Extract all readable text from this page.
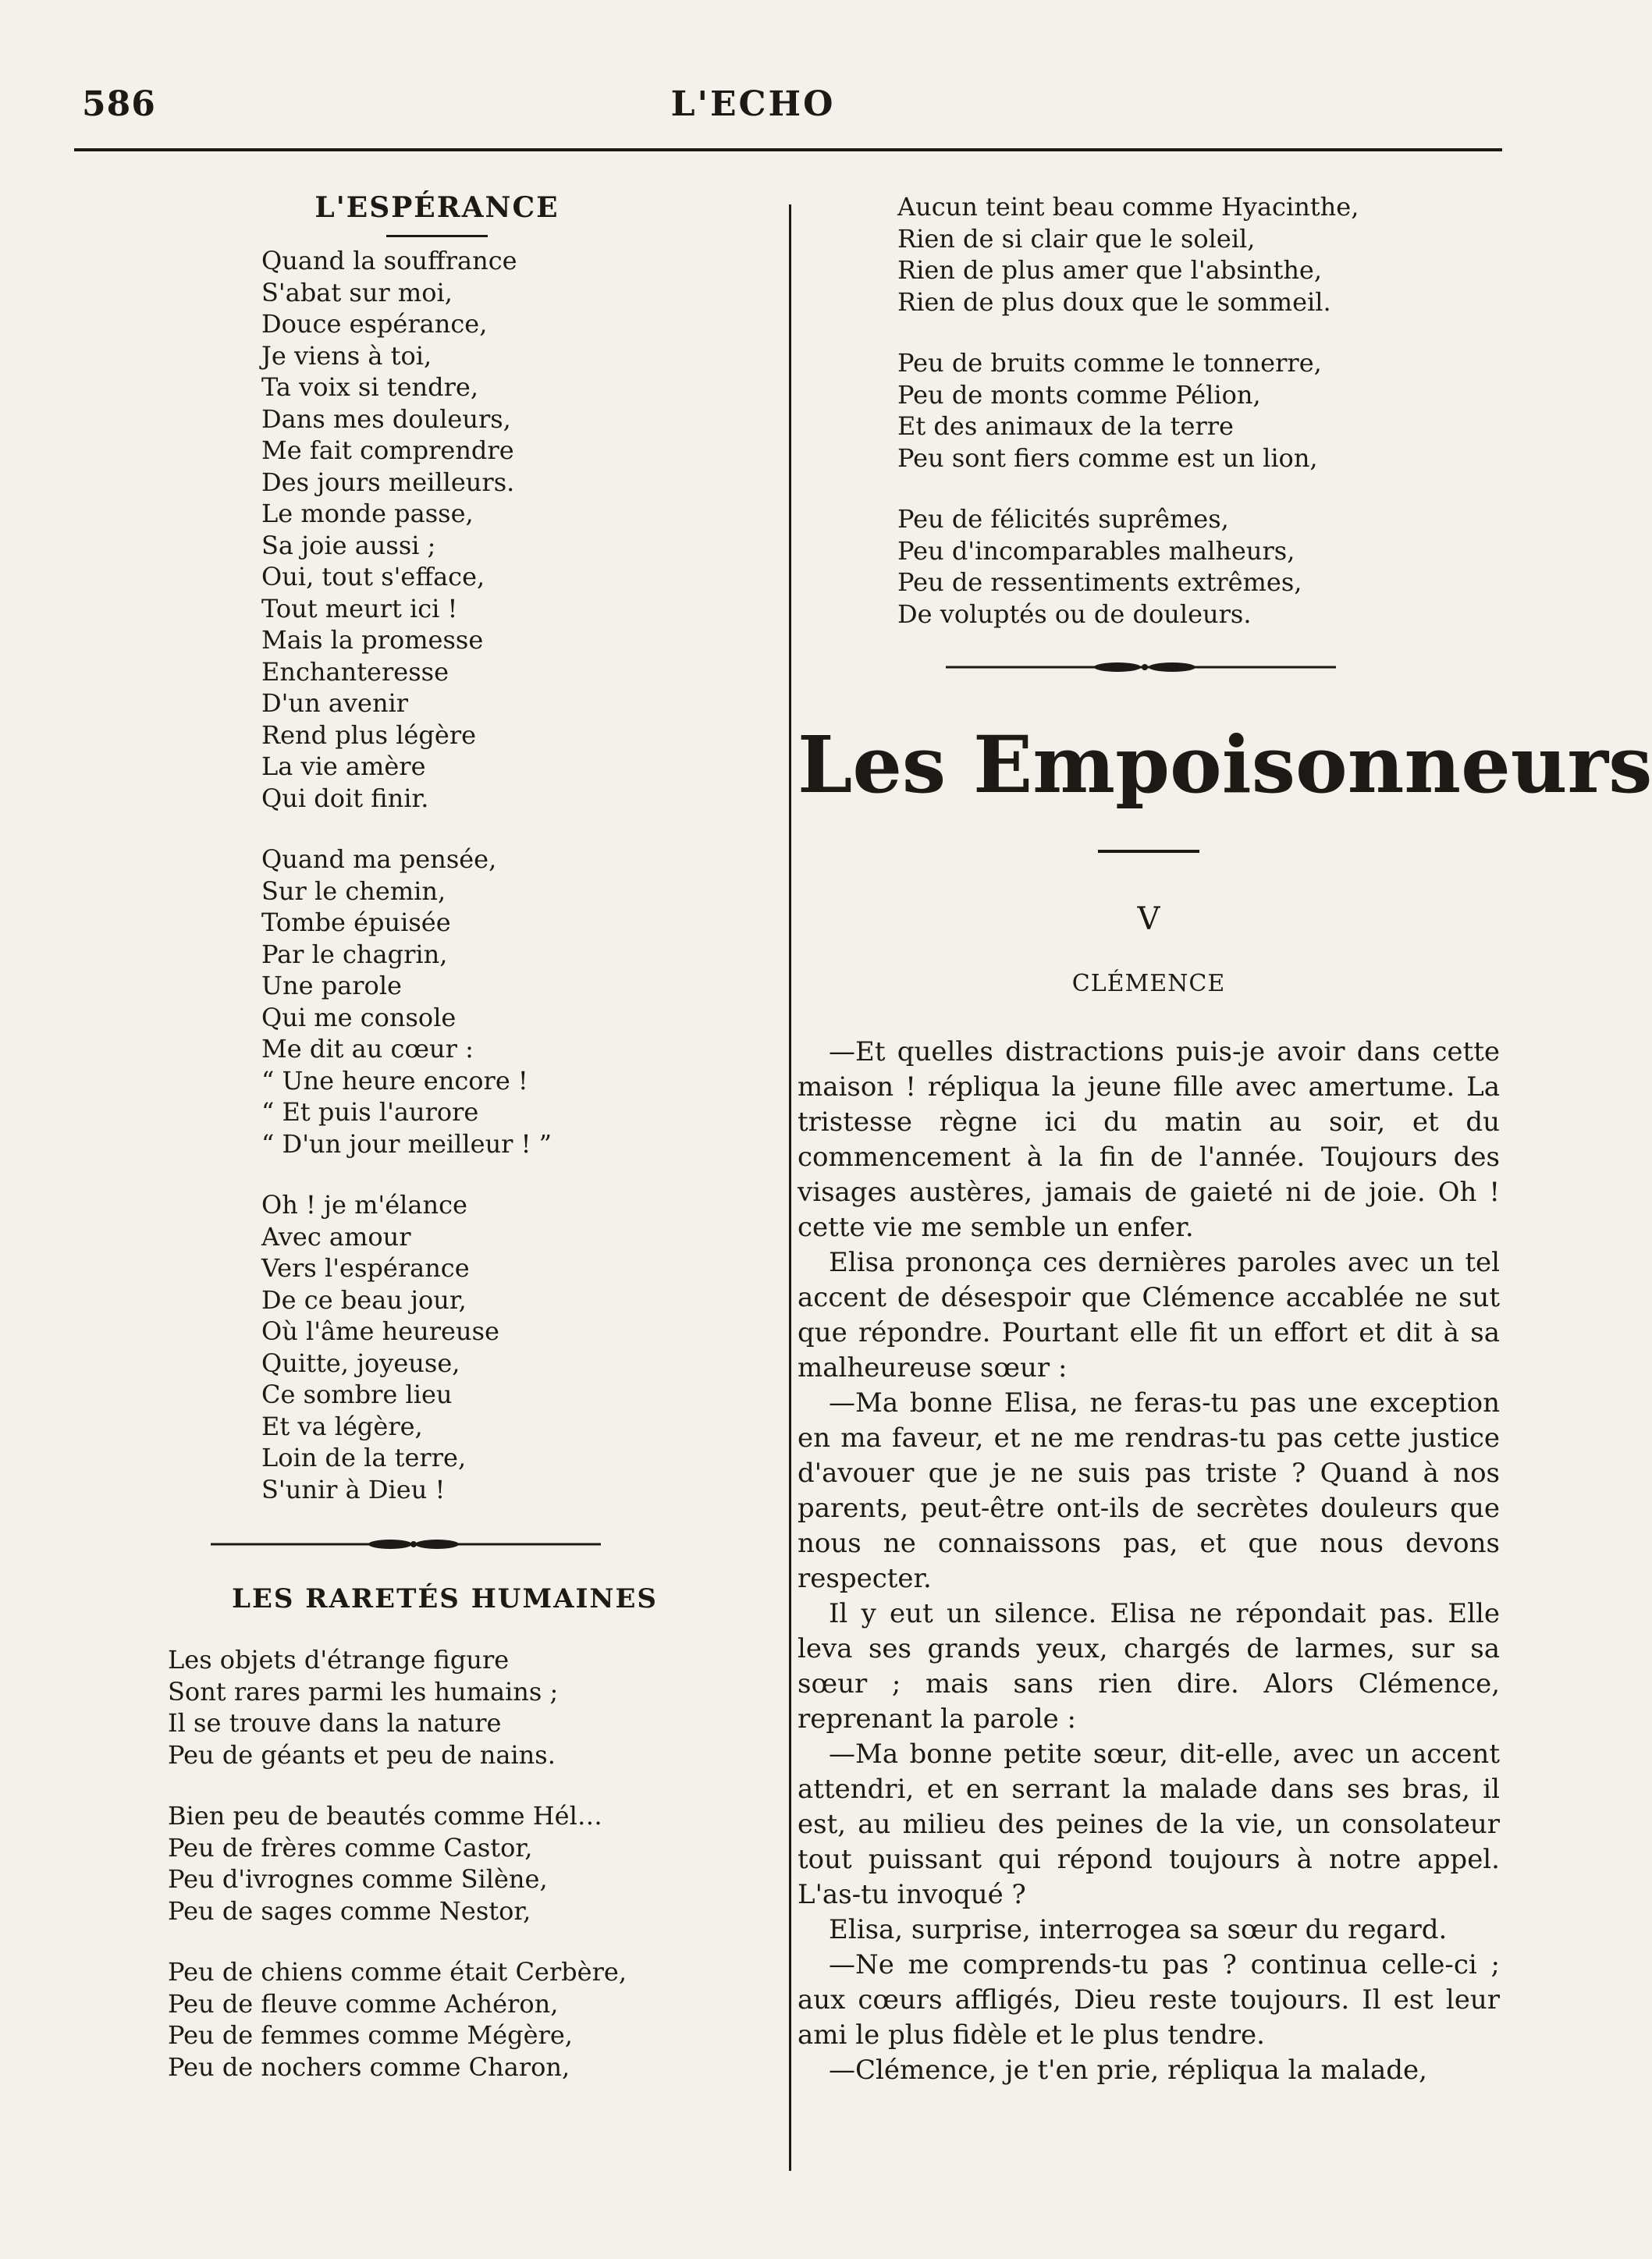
586	L'ECHO
L'ESPÉRANCE
Quand la souffrance
S'abat sur moi,
Douce espérance,
Je viens à toi,
Ta voix si tendre,
Dans mes douleurs,
Me fait comprendre
Des jours meilleurs.
Le monde passe,
Sa joie aussi ;
Oui, tout s'efface,
Tout meurt ici !
Mais la promesse
Enchanteresse
D'un avenir
Rend plus légère
La vie amère
Qui doit finir.
Quand ma pensée,
Sur le chemin,
Tombe épuisée
Par le chagrin,
Une parole
Qui me console
Me dit au cœur :
“ Une heure encore !
“ Et puis l'aurore
“ D'un jour meilleur ! ”
Oh ! je m'élance
Avec amour
Vers l'espérance
De ce beau jour,
Où l'âme heureuse
Quitte, joyeuse,
Ce sombre lieu
Et va légère,
Loin de la terre,
S'unir à Dieu !
LES RARETÉS HUMAINES
Les objets d'étrange figure
Sont rares parmi les humains ;
Il se trouve dans la nature
Peu de géants et peu de nains.
Bien peu de beautés comme Hél…
Peu de frères comme Castor,
Peu d'ivrognes comme Silène,
Peu de sages comme Nestor,
Peu de chiens comme était Cerbère,
Peu de fleuve comme Achéron,
Peu de femmes comme Mégère,
Peu de nochers comme Charon,
Aucun teint beau comme Hyacinthe,
Rien de si clair que le soleil,
Rien de plus amer que l'absinthe,
Rien de plus doux que le sommeil.
Peu de bruits comme le tonnerre,
Peu de monts comme Pélion,
Et des animaux de la terre
Peu sont fiers comme est un lion,
Peu de félicités suprêmes,
Peu d'incomparables malheurs,
Peu de ressentiments extrêmes,
De voluptés ou de douleurs.
Les Empoisonneurs
V
CLÉMENCE

—Et quelles distractions puis-je avoir dans cette maison ! répliqua la jeune fille avec amertume. La tristesse règne ici du matin au soir, et du commencement à la fin de l'année. Toujours des visages austères, jamais de gaieté ni de joie. Oh ! cette vie me semble un enfer.

Elisa prononça ces dernières paroles avec un tel accent de désespoir que Clémence accablée ne sut que répondre. Pourtant elle fit un effort et dit à sa malheureuse sœur :

—Ma bonne Elisa, ne feras-tu pas une exception en ma faveur, et ne me rendras-tu pas cette justice d'avouer que je ne suis pas triste ? Quand à nos parents, peut-être ont-ils de secrètes douleurs que nous ne connaissons pas, et que nous devons respecter.

Il y eut un silence. Elisa ne répondait pas. Elle leva ses grands yeux, chargés de larmes, sur sa sœur ; mais sans rien dire. Alors Clémence, reprenant la parole :

—Ma bonne petite sœur, dit-elle, avec un accent attendri, et en serrant la malade dans ses bras, il est, au milieu des peines de la vie, un consolateur tout puissant qui répond toujours à notre appel. L'as-tu invoqué ?

Elisa, surprise, interrogea sa sœur du regard.

—Ne me comprends-tu pas ? continua celle-ci ; aux cœurs affligés, Dieu reste toujours. Il est leur ami le plus fidèle et le plus tendre.

—Clémence, je t'en prie, répliqua la malade,
